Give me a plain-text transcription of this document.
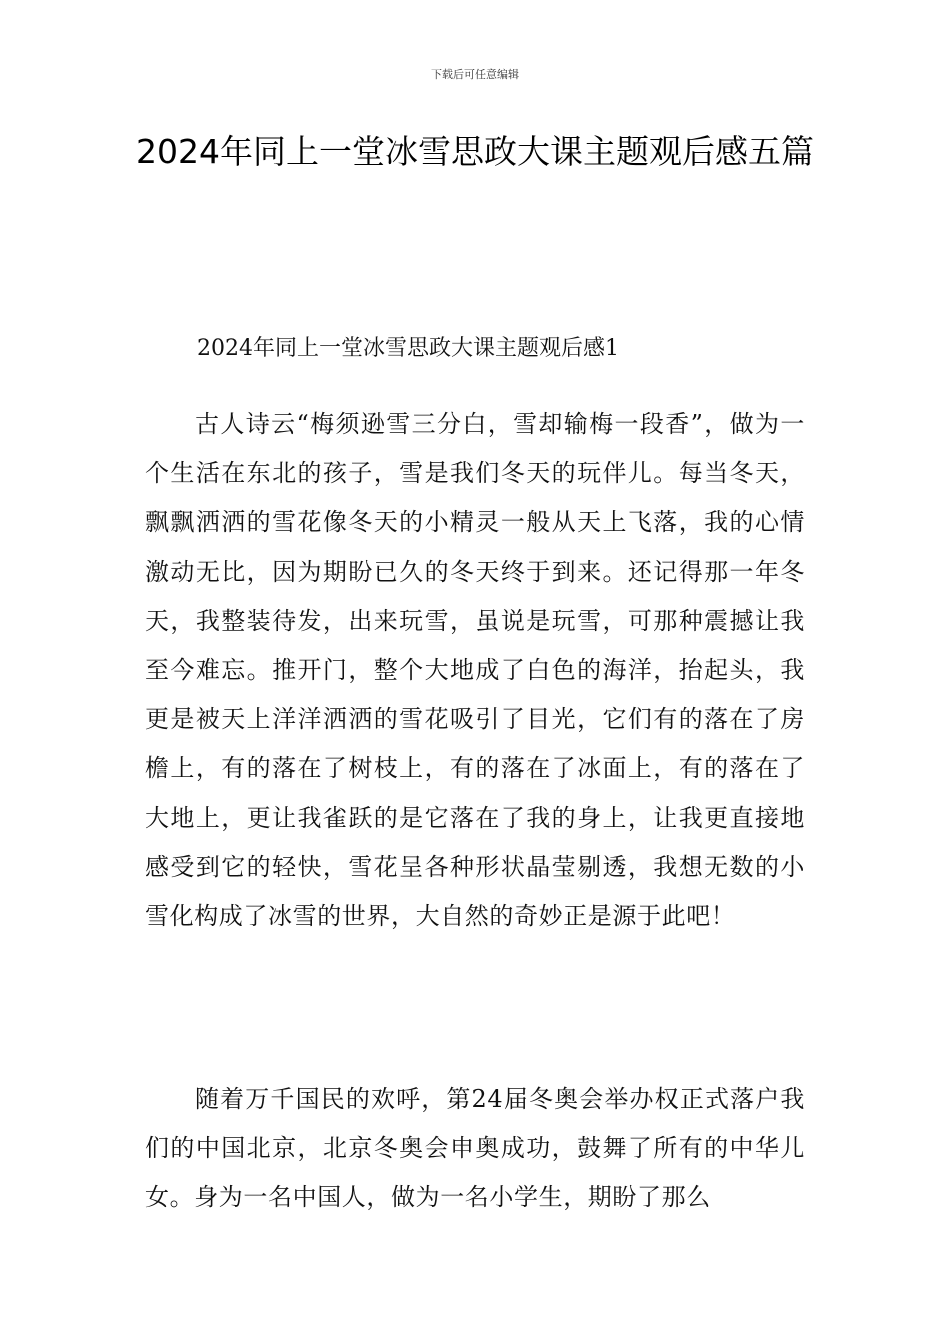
下载后可任意编辑
2024年同上一堂冰雪思政大课主题观后感五篇
2024年同上一堂冰雪思政大课主题观后感1

古人诗云“梅须逊雪三分白，雪却输梅一段香”，做为一个生活在东北的孩子，雪是我们冬天的玩伴儿。每当冬天，飘飘洒洒的雪花像冬天的小精灵一般从天上飞落，我的心情激动无比，因为期盼已久的冬天终于到来。还记得那一年冬天，我整装待发，出来玩雪，虽说是玩雪，可那种震撼让我至今难忘。推开门，整个大地成了白色的海洋，抬起头，我更是被天上洋洋洒洒的雪花吸引了目光，它们有的落在了房檐上，有的落在了树枝上，有的落在了冰面上，有的落在了大地上，更让我雀跃的是它落在了我的身上，让我更直接地感受到它的轻快，雪花呈各种形状晶莹剔透，我想无数的小雪化构成了冰雪的世界，大自然的奇妙正是源于此吧！

随着万千国民的欢呼，第24届冬奥会举办权正式落户我们的中国北京，北京冬奥会申奥成功，鼓舞了所有的中华儿女。身为一名中国人，做为一名小学生，期盼了那么
